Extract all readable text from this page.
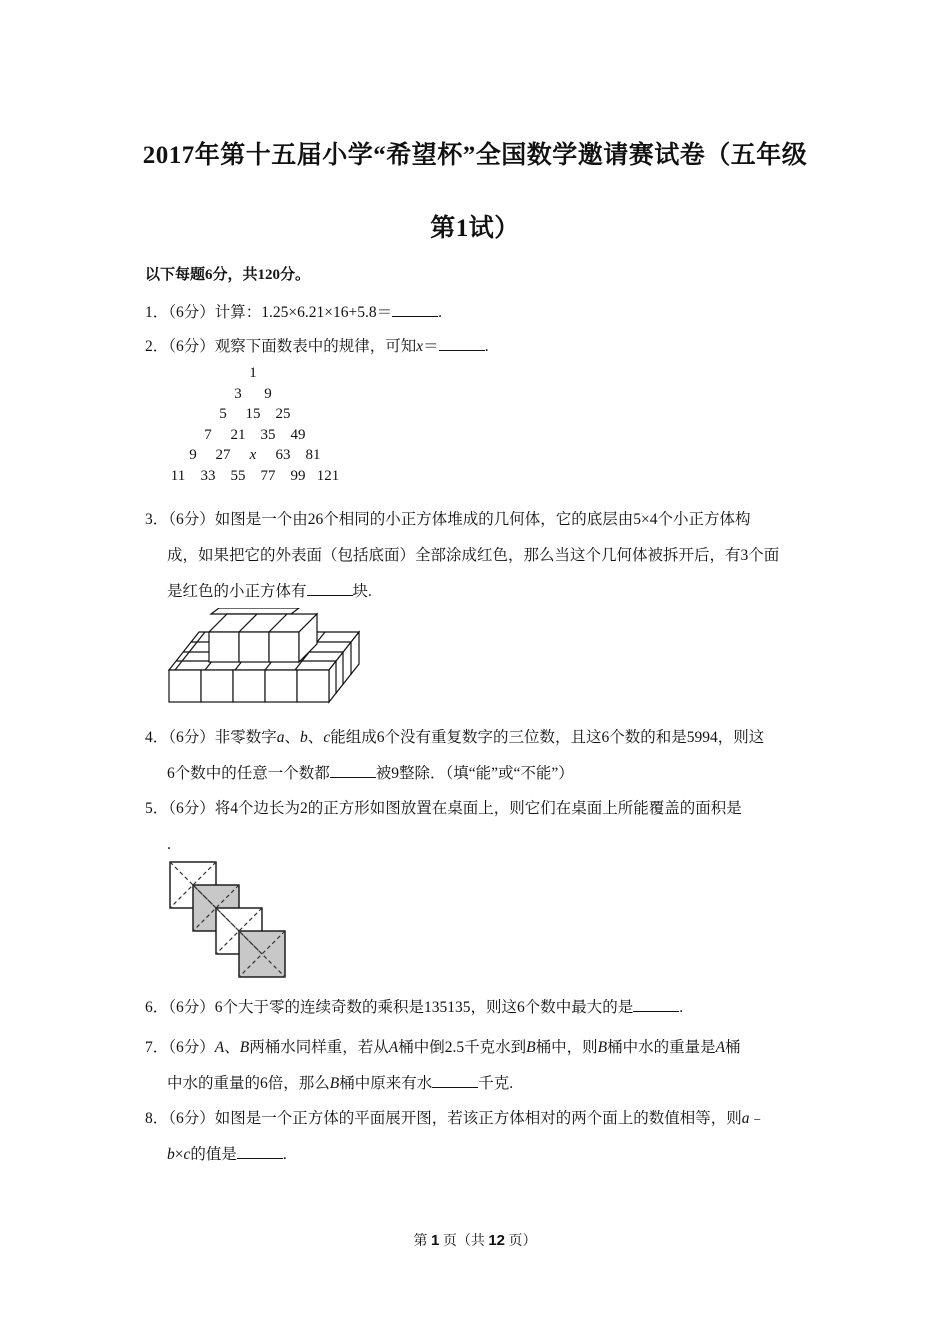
2017年第十五届小学“希望杯”全国数学邀请赛试卷（五年级
第1试）
以下每题6分，共120分。
1．（6分）计算：1.25×6.21×16+5.8＝	.
2．（6分）观察下面数表中的规律，可知x＝	.
1
3 9
5 15 25
7 21 35 49
9 27 x 63 81
11 33 55 77 99 121
3．（6分）如图是一个由26个相同的小正方体堆成的几何体，它的底层由5×4个小正方体构
成，如果把它的外表面（包括底面）全部涂成红色，那么当这个几何体被拆开后，有3个面
是红色的小正方体有	块.
4．（6分）非零数字a、b、c能组成6个没有重复数字的三位数，且这6个数的和是5994，则这
6个数中的任意一个数都	被9整除．（填“能”或“不能”）
5．（6分）将4个边长为2的正方形如图放置在桌面上，则它们在桌面上所能覆盖的面积是
.
6．（6分）6个大于零的连续奇数的乘积是135135，则这6个数中最大的是	.
7．（6分）A、B两桶水同样重，若从A桶中倒2.5千克水到B桶中，则B桶中水的重量是A桶
中水的重量的6倍，那么B桶中原来有水	千克.
8．（6分）如图是一个正方体的平面展开图，若该正方体相对的两个面上的数值相等，则a﹣
b×c的值是	.
第 1 页（共 12 页）
